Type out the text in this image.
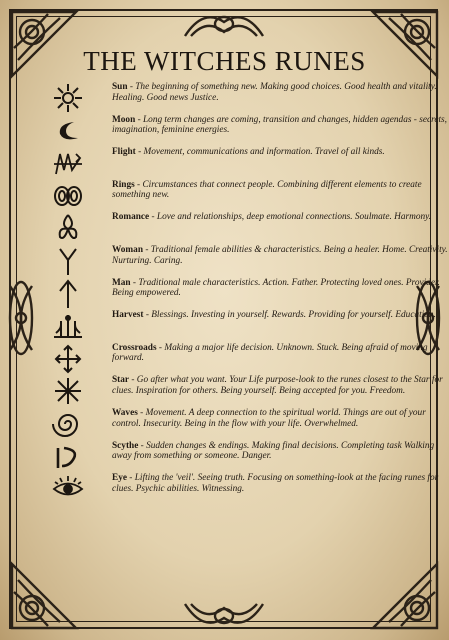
THE WITCHES RUNES
Sun - The beginning of something new. Making good choices. Good health and vitality. Healing. Good news Justice.
Moon - Long term changes are coming, transition and changes, hidden agendas - secrets, imagination, feminine energies.
Flight - Movement, communications and information. Travel of all kinds.
Rings - Circumstances that connect people. Combining different elements to create something new.
Romance - Love and relationships, deep emotional connections. Soulmate. Harmony.
Woman - Traditional female abilities & characteristics. Being a healer. Home. Creativity. Nurturing. Caring.
Man - Traditional male characteristics. Action. Father. Protecting loved ones. Provider. Being empowered.
Harvest - Blessings. Investing in yourself. Rewards. Providing for yourself. Education.
Crossroads - Making a major life decision. Unknown. Stuck. Being afraid of moving forward.
Star - Go after what you want. Your Life purpose-look to the runes closest to the Star for clues. Inspiration for others. Being yourself. Being accepted for you. Freedom.
Waves - Movement. A deep connection to the spiritual world. Things are out of your control. Insecurity. Being in the flow with your life. Overwhelmed.
Scythe - Sudden changes & endings. Making final decisions. Completing task Walking away from something or someone. Danger.
Eye - Lifting the 'veil'. Seeing truth. Focusing on something-look at the facing runes for clues. Psychic abilities. Witnessing.
